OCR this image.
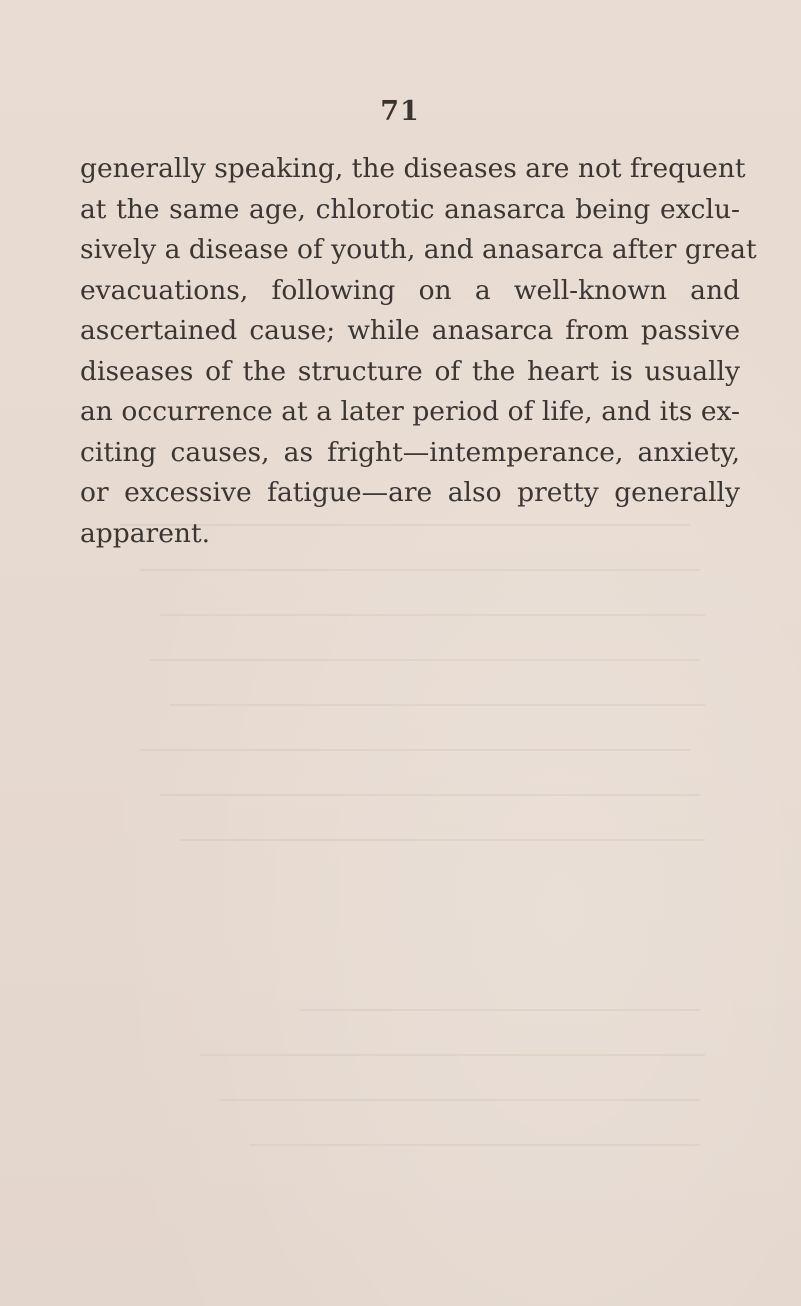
71
generally speaking, the diseases are not frequent
at the same age, chlorotic anasarca being exclu-
sively a disease of youth, and anasarca after great
evacuations, following on a well-known and
ascertained cause; while anasarca from passive
diseases of the structure of the heart is usually
an occurrence at a later period of life, and its ex-
citing causes, as fright—intemperance, anxiety,
or excessive fatigue—are also pretty generally
apparent.
